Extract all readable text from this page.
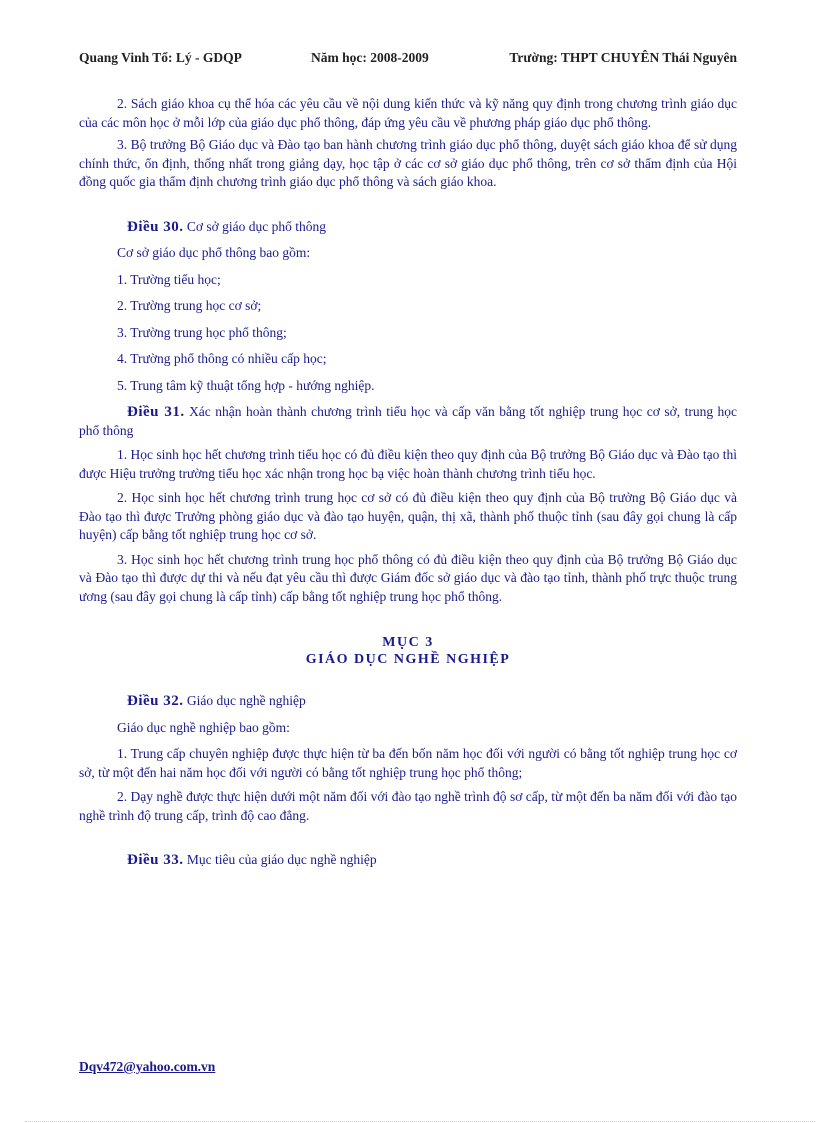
Quang Vinh Tổ: Lý - GDQP	Năm học: 2008-2009	Trường: THPT CHUYÊN Thái Nguyên

2. Sách giáo khoa cụ thể hóa các yêu cầu về nội dung kiến thức và kỹ năng quy định trong chương trình giáo dục của các môn học ở mỗi lớp của giáo dục phổ thông, đáp ứng yêu cầu về phương pháp giáo dục phổ thông.

3. Bộ trưởng Bộ Giáo dục và Đào tạo ban hành chương trình giáo dục phổ thông, duyệt sách giáo khoa để sử dụng chính thức, ổn định, thống nhất trong giảng dạy, học tập ở các cơ sở giáo dục phổ thông, trên cơ sở thẩm định của Hội đồng quốc gia thẩm định chương trình giáo dục phổ thông và sách giáo khoa.

Điều 30. Cơ sở giáo dục phổ thông

Cơ sở giáo dục phổ thông bao gồm:

1. Trường tiểu học;

2. Trường trung học cơ sở;

3. Trường trung học phổ thông;

4. Trường phổ thông có nhiều cấp học;

5. Trung tâm kỹ thuật tổng hợp - hướng nghiệp.

Điều 31. Xác nhận hoàn thành chương trình tiểu học và cấp văn bằng tốt nghiệp trung học cơ sở, trung học phổ thông

1. Học sinh học hết chương trình tiểu học có đủ điều kiện theo quy định của Bộ trưởng Bộ Giáo dục và Đào tạo thì được Hiệu trưởng trường tiểu học xác nhận trong học bạ việc hoàn thành chương trình tiểu học.

2. Học sinh học hết chương trình trung học cơ sở có đủ điều kiện theo quy định của Bộ trưởng Bộ Giáo dục và Đào tạo thì được Trưởng phòng giáo dục và đào tạo huyện, quận, thị xã, thành phố thuộc tỉnh (sau đây gọi chung là cấp huyện) cấp bằng tốt nghiệp trung học cơ sở.

3. Học sinh học hết chương trình trung học phổ thông có đủ điều kiện theo quy định của Bộ trưởng Bộ Giáo dục và Đào tạo thì được dự thi và nếu đạt yêu cầu thì được Giám đốc sở giáo dục và đào tạo tỉnh, thành phố trực thuộc trung ương (sau đây gọi chung là cấp tỉnh) cấp bằng tốt nghiệp trung học phổ thông.

MỤC 3

GIÁO DỤC NGHỀ NGHIỆP

Điều 32. Giáo dục nghề nghiệp

Giáo dục nghề nghiệp bao gồm:

1. Trung cấp chuyên nghiệp được thực hiện từ ba đến bốn năm học đối với người có bằng tốt nghiệp trung học cơ sở, từ một đến hai năm học đối với người có bằng tốt nghiệp trung học phổ thông;

2. Dạy nghề được thực hiện dưới một năm đối với đào tạo nghề trình độ sơ cấp, từ một đến ba năm đối với đào tạo nghề trình độ trung cấp, trình độ cao đẳng.

Điều 33. Mục tiêu của giáo dục nghề nghiệp

Dqv472@yahoo.com.vn
